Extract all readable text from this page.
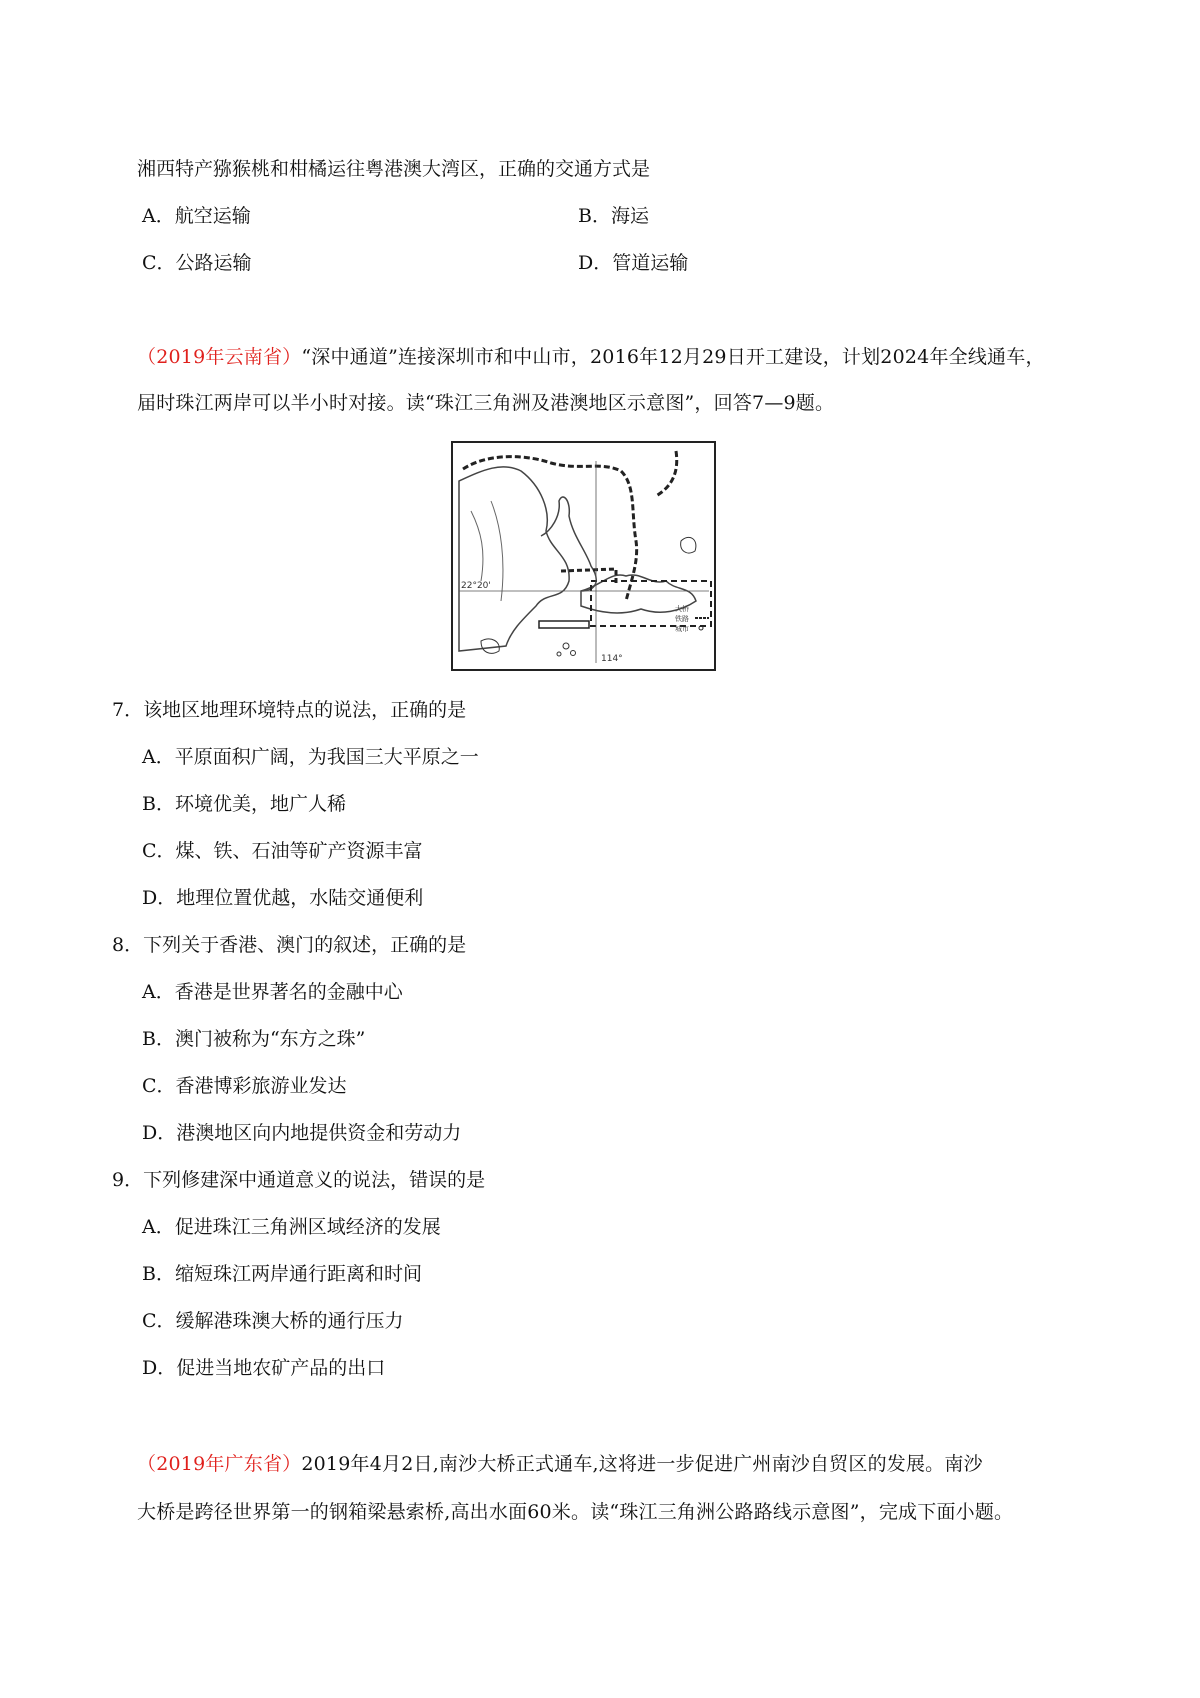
湘西特产猕猴桃和柑橘运往粤港澳大湾区，正确的交通方式是
A．航空运输	B．海运
C．公路运输	D．管道运输
（2019年云南省）“深中通道”连接深圳市和中山市，2016年12月29日开工建设，计划2024年全线通车，
届时珠江两岸可以半小时对接。读“珠江三角洲及港澳地区示意图”，回答7—9题。
22°20'
114°
大桥
铁路
城市
7．该地区地理环境特点的说法，正确的是
A．平原面积广阔，为我国三大平原之一
B．环境优美，地广人稀
C．煤、铁、石油等矿产资源丰富
D．地理位置优越，水陆交通便利
8．下列关于香港、澳门的叙述，正确的是
A．香港是世界著名的金融中心
B．澳门被称为“东方之珠”
C．香港博彩旅游业发达
D．港澳地区向内地提供资金和劳动力
9．下列修建深中通道意义的说法，错误的是
A．促进珠江三角洲区域经济的发展
B．缩短珠江两岸通行距离和时间
C．缓解港珠澳大桥的通行压力
D．促进当地农矿产品的出口
（2019年广东省）2019年4月2日,南沙大桥正式通车,这将进一步促进广州南沙自贸区的发展。南沙
大桥是跨径世界第一的钢箱梁悬索桥,高出水面60米。读“珠江三角洲公路路线示意图”，完成下面小题。
